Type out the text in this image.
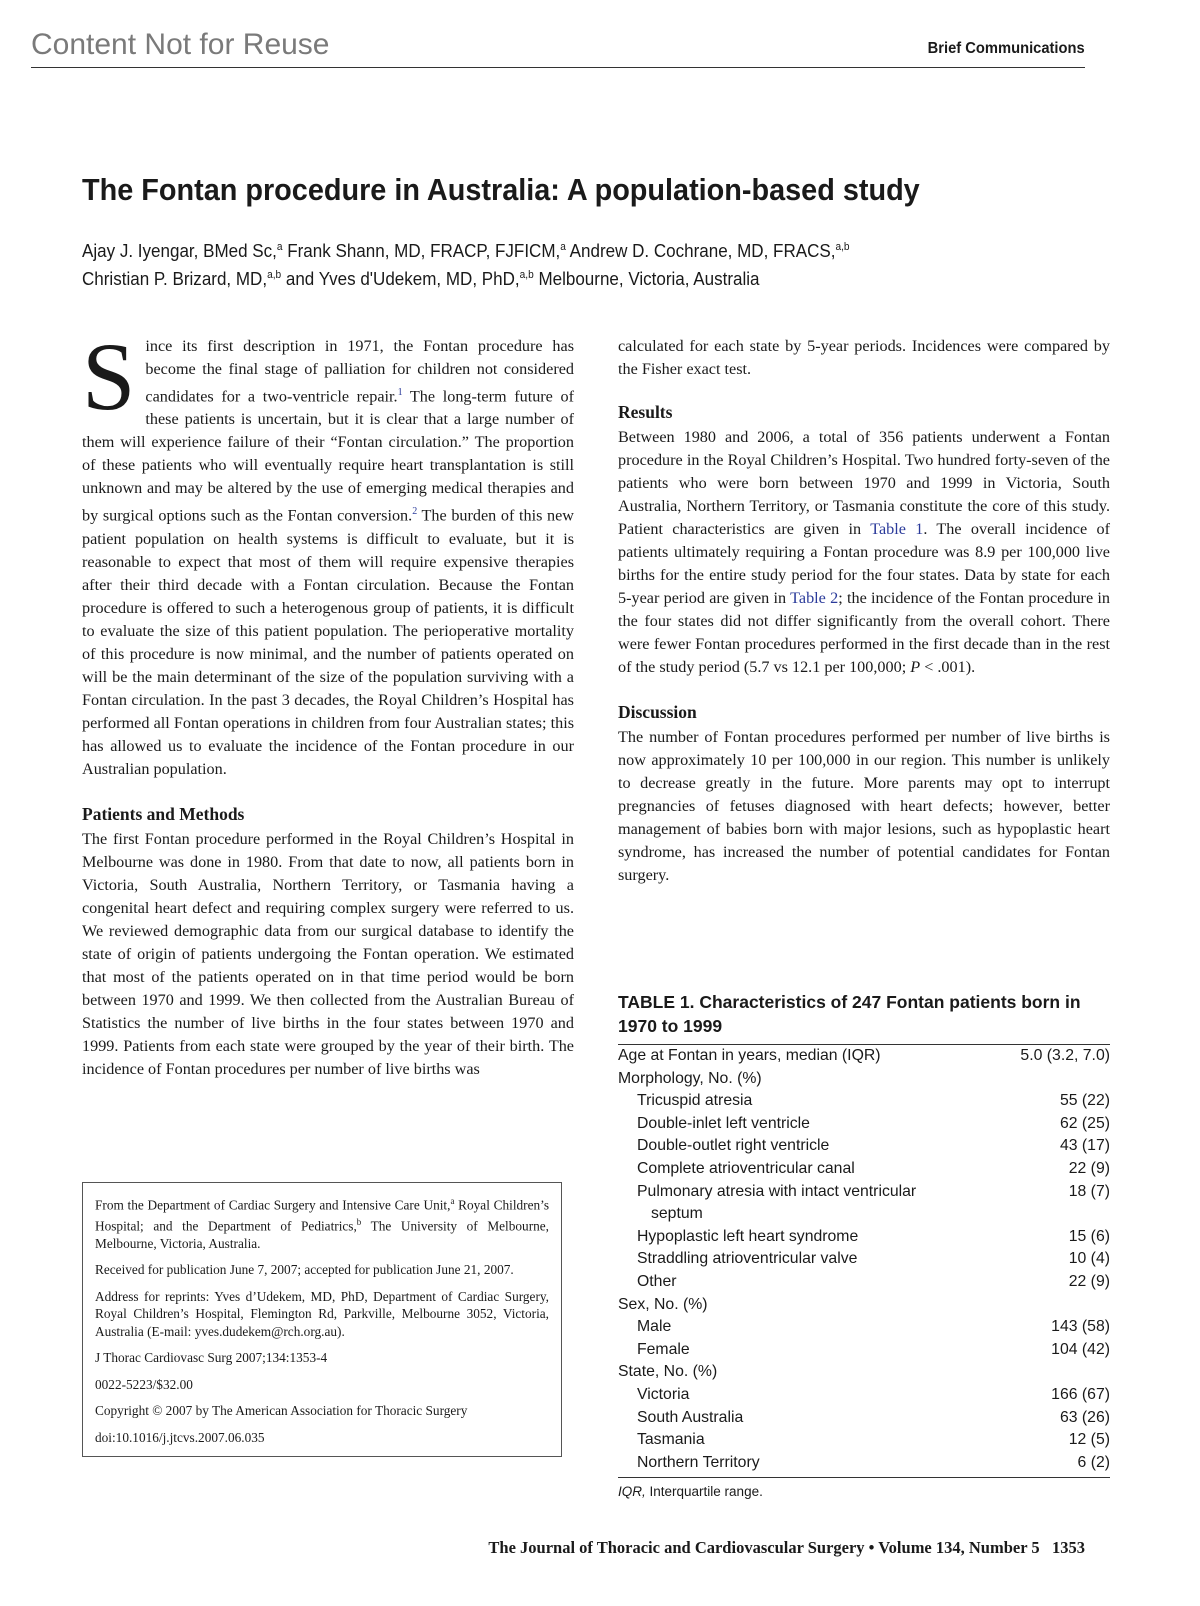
Content Not for Reuse	Brief Communications
The Fontan procedure in Australia: A population-based study
Ajay J. Iyengar, BMed Sc,$^a$ Frank Shann, MD, FRACP, FJFICM,$^a$ Andrew D. Cochrane, MD, FRACS,$^{a,b}$
Christian P. Brizard, MD,$^{a,b}$ and Yves d'Udekem, MD, PhD,$^{a,b}$ Melbourne, Victoria, Australia

Since its first description in 1971, the Fontan procedure has become the final stage of palliation for children not considered candidates for a two-ventricle repair.$^1$ The long-term future of these patients is uncertain, but it is clear that a large number of them will experience failure of their “Fontan circulation.” The proportion of these patients who will eventually require heart transplantation is still unknown and may be altered by the use of emerging medical therapies and by surgical options such as the Fontan conversion.$^2$ The burden of this new patient population on health systems is difficult to evaluate, but it is reasonable to expect that most of them will require expensive therapies after their third decade with a Fontan circulation. Because the Fontan procedure is offered to such a heterogenous group of patients, it is difficult to evaluate the size of this patient population. The perioperative mortality of this procedure is now minimal, and the number of patients operated on will be the main determinant of the size of the population surviving with a Fontan circulation. In the past 3 decades, the Royal Children’s Hospital has performed all Fontan operations in children from four Australian states; this has allowed us to evaluate the incidence of the Fontan procedure in our Australian population.

Patients and Methods

The first Fontan procedure performed in the Royal Children’s Hospital in Melbourne was done in 1980. From that date to now, all patients born in Victoria, South Australia, Northern Territory, or Tasmania having a congenital heart defect and requiring complex surgery were referred to us. We reviewed demographic data from our surgical database to identify the state of origin of patients undergoing the Fontan operation. We estimated that most of the patients operated on in that time period would be born between 1970 and 1999. We then collected from the Australian Bureau of Statistics the number of live births in the four states between 1970 and 1999. Patients from each state were grouped by the year of their birth. The incidence of Fontan procedures per number of live births was

calculated for each state by 5-year periods. Incidences were compared by the Fisher exact test.

Results

Between 1980 and 2006, a total of 356 patients underwent a Fontan procedure in the Royal Children’s Hospital. Two hundred forty-seven of the patients who were born between 1970 and 1999 in Victoria, South Australia, Northern Territory, or Tasmania constitute the core of this study. Patient characteristics are given in Table 1. The overall incidence of patients ultimately requiring a Fontan procedure was 8.9 per 100,000 live births for the entire study period for the four states. Data by state for each 5-year period are given in Table 2; the incidence of the Fontan procedure in the four states did not differ significantly from the overall cohort. There were fewer Fontan procedures performed in the first decade than in the rest of the study period (5.7 vs 12.1 per 100,000; P < .001).

Discussion

The number of Fontan procedures performed per number of live births is now approximately 10 per 100,000 in our region. This number is unlikely to decrease greatly in the future. More parents may opt to interrupt pregnancies of fetuses diagnosed with heart defects; however, better management of babies born with major lesions, such as hypoplastic heart syndrome, has increased the number of potential candidates for Fontan surgery.

From the Department of Cardiac Surgery and Intensive Care Unit,$^a$ Royal Children’s Hospital; and the Department of Pediatrics,$^b$ The University of Melbourne, Melbourne, Victoria, Australia.

Received for publication June 7, 2007; accepted for publication June 21, 2007.

Address for reprints: Yves d’Udekem, MD, PhD, Department of Cardiac Surgery, Royal Children’s Hospital, Flemington Rd, Parkville, Melbourne 3052, Victoria, Australia (E-mail: yves.dudekem@rch.org.au).

J Thorac Cardiovasc Surg 2007;134:1353-4

0022-5223/$32.00

Copyright © 2007 by The American Association for Thoracic Surgery

doi:10.1016/j.jtcvs.2007.06.035

TABLE 1. Characteristics of 247 Fontan patients born in 1970 to 1999
Age at Fontan in years, median (IQR)	5.0 (3.2, 7.0)
Morphology, No. (%)	
Tricuspid atresia	55 (22)
Double-inlet left ventricle	62 (25)
Double-outlet right ventricle	43 (17)
Complete atrioventricular canal	22 (9)
Pulmonary atresia with intact ventricular	18 (7)
septum	
Hypoplastic left heart syndrome	15 (6)
Straddling atrioventricular valve	10 (4)
Other	22 (9)
Sex, No. (%)	
Male	143 (58)
Female	104 (42)
State, No. (%)	
Victoria	166 (67)
South Australia	63 (26)
Tasmania	12 (5)
Northern Territory	6 (2)
IQR, Interquartile range.
The Journal of Thoracic and Cardiovascular Surgery • Volume 134, Number 5 1353
